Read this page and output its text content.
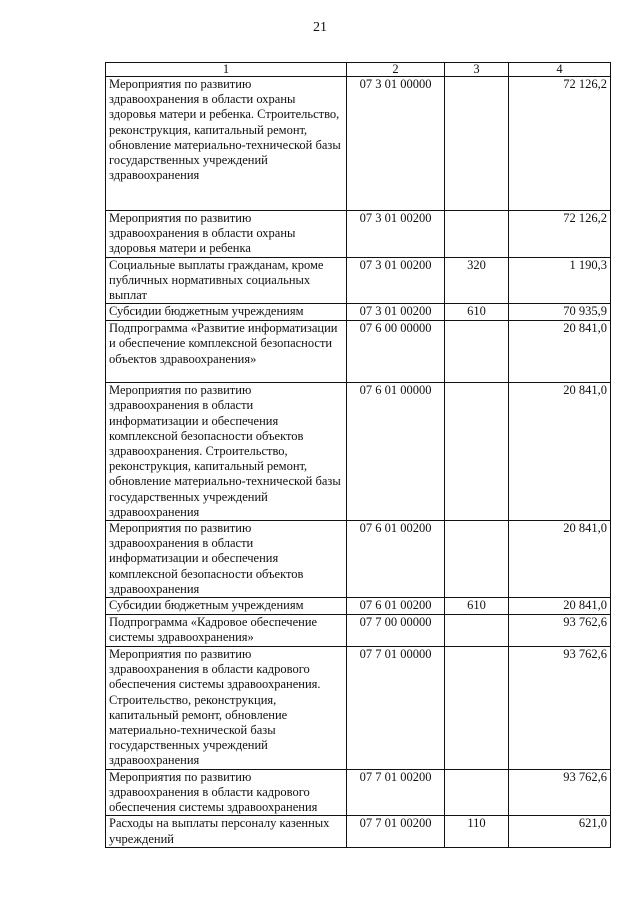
21
1	2	3	4
Мероприятия по развитию здравоохранения в области охраны здоровья матери и ребенка. Строительство, реконструкция, капитальный ремонт, обновление материально-технической базы государственных учреждений здравоохранения	07 3 01 00000		72 126,2
Мероприятия по развитию здравоохранения в области охраны здоровья матери и ребенка	07 3 01 00200		72 126,2
Социальные выплаты гражданам, кроме публичных нормативных социальных выплат	07 3 01 00200	320	1 190,3
Субсидии бюджетным учреждениям	07 3 01 00200	610	70 935,9
Подпрограмма «Развитие информатизации и обеспечение комплексной безопасности объектов здравоохранения»	07 6 00 00000		20 841,0
Мероприятия по развитию здравоохранения в области информатизации и обеспечения комплексной безопасности объектов здравоохранения. Строительство, реконструкция, капитальный ремонт, обновление материально-технической базы государственных учреждений здравоохранения	07 6 01 00000		20 841,0
Мероприятия по развитию здравоохранения в области информатизации и обеспечения комплексной безопасности объектов здравоохранения	07 6 01 00200		20 841,0
Субсидии бюджетным учреждениям	07 6 01 00200	610	20 841,0
Подпрограмма «Кадровое обеспечение системы здравоохранения»	07 7 00 00000		93 762,6
Мероприятия по развитию здравоохранения в области кадрового обеспечения системы здравоохранения. Строительство, реконструкция, капитальный ремонт, обновление материально-технической базы государственных учреждений здравоохранения	07 7 01 00000		93 762,6
Мероприятия по развитию здравоохранения в области кадрового обеспечения системы здравоохранения	07 7 01 00200		93 762,6
Расходы на выплаты персоналу казенных учреждений	07 7 01 00200	110	621,0
